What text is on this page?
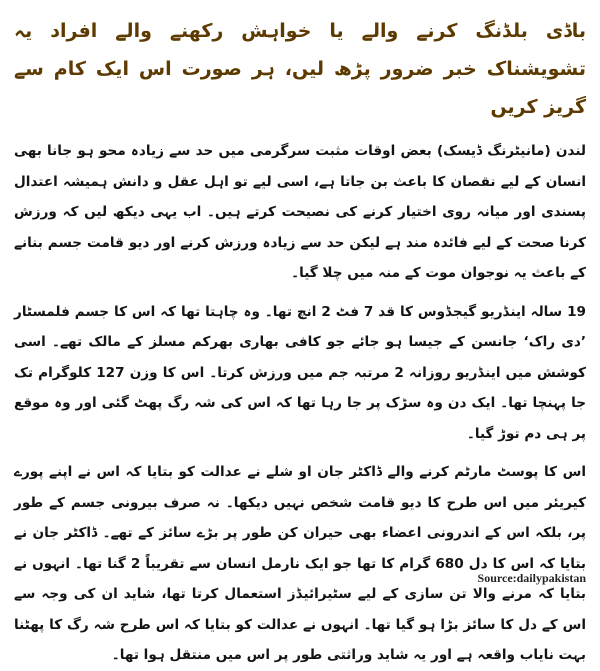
باڈی بلڈنگ کرنے والے یا خواہش رکھنے والے افراد یہ تشویشناک خبر ضرور پڑھ لیں، ہر صورت اس ایک کام سے گریز کریں

لندن (مانیٹرنگ ڈیسک) بعض اوقات مثبت سرگرمی میں حد سے زیادہ محو ہو جانا بھی انسان کے لیے نقصان کا باعث بن جاتا ہے، اسی لیے تو اہل عقل و دانش ہمیشہ اعتدال پسندی اور میانہ روی اختیار کرنے کی نصیحت کرتے ہیں۔ اب یہی دیکھ لیں کہ ورزش کرنا صحت کے لیے فائدہ مند ہے لیکن حد سے زیادہ ورزش کرنے اور دیو قامت جسم بنانے کے باعث یہ نوجوان موت کے منہ میں چلا گیا۔

19 سالہ اینڈریو گیجڈوس کا قد 7 فٹ 2 انچ تھا۔ وہ چاہتا تھا کہ اس کا جسم فلمسٹار ’دی راک‘ جانسن کے جیسا ہو جائے جو کافی بھاری بھرکم مسلز کے مالک تھے۔ اسی کوشش میں اینڈریو روزانہ 2 مرتبہ جم میں ورزش کرتا۔ اس کا وزن 127 کلوگرام تک جا پہنچا تھا۔ ایک دن وہ سڑک پر جا رہا تھا کہ اس کی شہ رگ پھٹ گئی اور وہ موقع پر ہی دم توڑ گیا۔

اس کا پوسٹ مارٹم کرنے والے ڈاکٹر جان او شلے نے عدالت کو بتایا کہ اس نے اپنے پورے کیریئر میں اس طرح کا دیو قامت شخص نہیں دیکھا۔ نہ صرف بیرونی جسم کے طور پر، بلکہ اس کے اندرونی اعضاء بھی حیران کن طور پر بڑے سائز کے تھے۔ ڈاکٹر جان نے بتایا کہ اس کا دل 680 گرام کا تھا جو ایک نارمل انسان سے تقریباً 2 گنا تھا۔ انہوں نے بتایا کہ مرنے والا تن سازی کے لیے سٹیرائیڈز استعمال کرتا تھا، شاید ان کی وجہ سے اس کے دل کا سائز بڑا ہو گیا تھا۔ انہوں نے عدالت کو بتایا کہ اس طرح شہ رگ کا پھٹنا بہت نایاب واقعہ ہے اور یہ شاید وراثتی طور پر اس میں منتقل ہوا تھا۔

Source:dailypakistan
